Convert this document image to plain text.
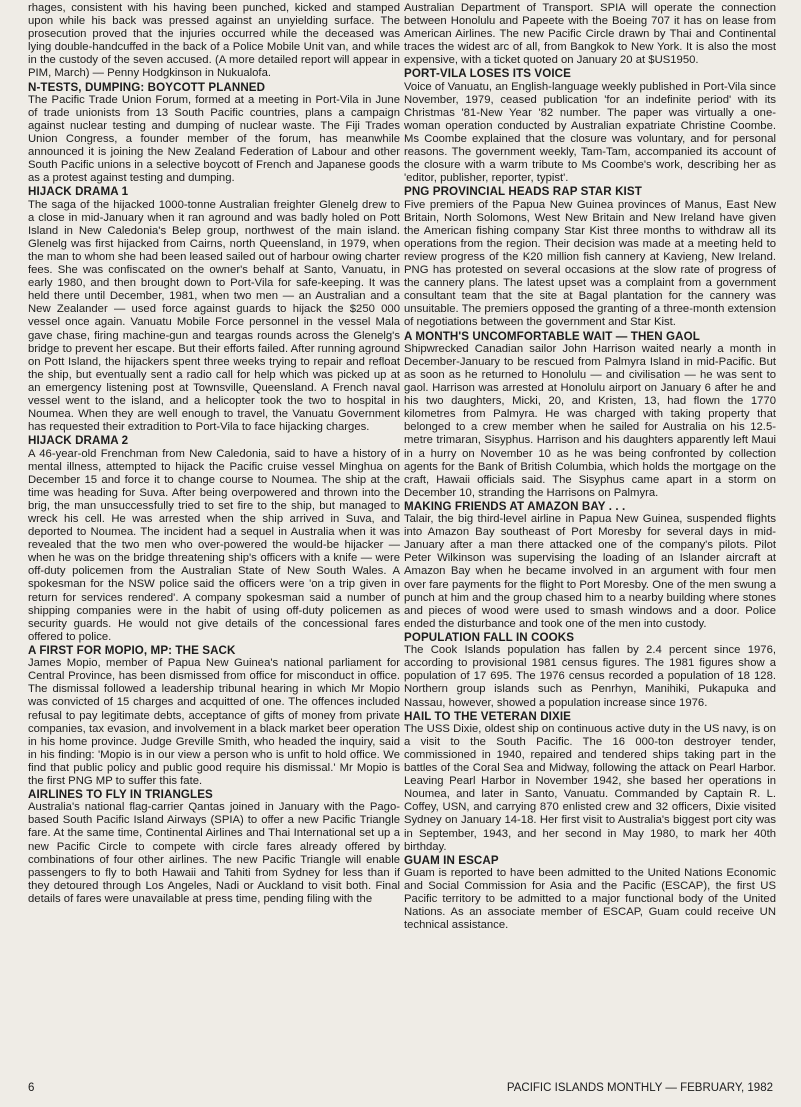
rhages, consistent with his having been punched, kicked and stamped upon while his back was pressed against an unyielding surface. The prosecution proved that the injuries occurred while the deceased was lying double-handcuffed in the back of a Police Mobile Unit van, and while in the custody of the seven accused. (A more detailed report will appear in PIM, March) — Penny Hodgkinson in Nukualofa.

N-TESTS, DUMPING: BOYCOTT PLANNED

The Pacific Trade Union Forum, formed at a meeting in Port-Vila in June of trade unionists from 13 South Pacific countries, plans a campaign against nuclear testing and dumping of nuclear waste. The Fiji Trades Union Congress, a founder member of the forum, has meanwhile announced it is joining the New Zealand Federation of Labour and other South Pacific unions in a selective boycott of French and Japanese goods as a protest against testing and dumping.

HIJACK DRAMA 1

The saga of the hijacked 1000-tonne Australian freighter Glenelg drew to a close in mid-January when it ran aground and was badly holed on Pott Island in New Caledonia's Belep group, northwest of the main island. Glenelg was first hijacked from Cairns, north Queensland, in 1979, when the man to whom she had been leased sailed out of harbour owing charter fees. She was confiscated on the owner's behalf at Santo, Vanuatu, in early 1980, and then brought down to Port-Vila for safe-keeping. It was held there until December, 1981, when two men — an Australian and a New Zealander — used force against guards to hijack the $250 000 vessel once again. Vanuatu Mobile Force personnel in the vessel Mala gave chase, firing machine-gun and teargas rounds across the Glenelg's bridge to prevent her escape. But their efforts failed. After running aground on Pott Island, the hijackers spent three weeks trying to repair and refloat the ship, but eventually sent a radio call for help which was picked up at an emergency listening post at Townsville, Queensland. A French naval vessel went to the island, and a helicopter took the two to hospital in Noumea. When they are well enough to travel, the Vanuatu Government has requested their extradition to Port-Vila to face hijacking charges.

HIJACK DRAMA 2

A 46-year-old Frenchman from New Caledonia, said to have a history of mental illness, attempted to hijack the Pacific cruise vessel Minghua on December 15 and force it to change course to Noumea. The ship at the time was heading for Suva. After being overpowered and thrown into the brig, the man unsuccessfully tried to set fire to the ship, but managed to wreck his cell. He was arrested when the ship arrived in Suva, and deported to Noumea. The incident had a sequel in Australia when it was revealed that the two men who over-powered the would-be hijacker — when he was on the bridge threatening ship's officers with a knife — were off-duty policemen from the Australian State of New South Wales. A spokesman for the NSW police said the officers were 'on a trip given in return for services rendered'. A company spokesman said a number of shipping companies were in the habit of using off-duty policemen as security guards. He would not give details of the concessional fares offered to police.

A FIRST FOR MOPIO, MP: THE SACK

James Mopio, member of Papua New Guinea's national parliament for Central Province, has been dismissed from office for misconduct in office. The dismissal followed a leadership tribunal hearing in which Mr Mopio was convicted of 15 charges and acquitted of one. The offences included refusal to pay legitimate debts, acceptance of gifts of money from private companies, tax evasion, and involvement in a black market beer operation in his home province. Judge Greville Smith, who headed the inquiry, said in his finding: 'Mopio is in our view a person who is unfit to hold office. We find that public policy and public good require his dismissal.' Mr Mopio is the first PNG MP to suffer this fate.

AIRLINES TO FLY IN TRIANGLES

Australia's national flag-carrier Qantas joined in January with the Pago-based South Pacific Island Airways (SPIA) to offer a new Pacific Triangle fare. At the same time, Continental Airlines and Thai International set up a new Pacific Circle to compete with circle fares already offered by combinations of four other airlines. The new Pacific Triangle will enable passengers to fly to both Hawaii and Tahiti from Sydney for less than if they detoured through Los Angeles, Nadi or Auckland to visit both. Final details of fares were unavailable at press time, pending filing with the

Australian Department of Transport. SPIA will operate the connection between Honolulu and Papeete with the Boeing 707 it has on lease from American Airlines. The new Pacific Circle drawn by Thai and Continental traces the widest arc of all, from Bangkok to New York. It is also the most expensive, with a ticket quoted on January 20 at $US1950.

PORT-VILA LOSES ITS VOICE

Voice of Vanuatu, an English-language weekly published in Port-Vila since November, 1979, ceased publication 'for an indefinite period' with its Christmas '81-New Year '82 number. The paper was virtually a one-woman operation conducted by Australian expatriate Christine Coombe. Ms Coombe explained that the closure was voluntary, and for personal reasons. The government weekly, Tam-Tam, accompanied its account of the closure with a warm tribute to Ms Coombe's work, describing her as 'editor, publisher, reporter, typist'.

PNG PROVINCIAL HEADS RAP STAR KIST

Five premiers of the Papua New Guinea provinces of Manus, East New Britain, North Solomons, West New Britain and New Ireland have given the American fishing company Star Kist three months to withdraw all its operations from the region. Their decision was made at a meeting held to review progress of the K20 million fish cannery at Kavieng, New Ireland. PNG has protested on several occasions at the slow rate of progress of the cannery plans. The latest upset was a complaint from a government consultant team that the site at Bagal plantation for the cannery was unsuitable. The premiers opposed the granting of a three-month extension of negotiations between the government and Star Kist.

A MONTH'S UNCOMFORTABLE WAIT — THEN GAOL

Shipwrecked Canadian sailor John Harrison waited nearly a month in December-January to be rescued from Palmyra Island in mid-Pacific. But as soon as he returned to Honolulu — and civilisation — he was sent to gaol. Harrison was arrested at Honolulu airport on January 6 after he and his two daughters, Micki, 20, and Kristen, 13, had flown the 1770 kilometres from Palmyra. He was charged with taking property that belonged to a crew member when he sailed for Australia on his 12.5-metre trimaran, Sisyphus. Harrison and his daughters apparently left Maui in a hurry on November 10 as he was being confronted by collection agents for the Bank of British Columbia, which holds the mortgage on the craft, Hawaii officials said. The Sisyphus came apart in a storm on December 10, stranding the Harrisons on Palmyra.

MAKING FRIENDS AT AMAZON BAY . . .

Talair, the big third-level airline in Papua New Guinea, suspended flights into Amazon Bay southeast of Port Moresby for several days in mid-January after a man there attacked one of the company's pilots. Pilot Peter Wilkinson was supervising the loading of an Islander aircraft at Amazon Bay when he became involved in an argument with four men over fare payments for the flight to Port Moresby. One of the men swung a punch at him and the group chased him to a nearby building where stones and pieces of wood were used to smash windows and a door. Police ended the disturbance and took one of the men into custody.

POPULATION FALL IN COOKS

The Cook Islands population has fallen by 2.4 percent since 1976, according to provisional 1981 census figures. The 1981 figures show a population of 17 695. The 1976 census recorded a population of 18 128. Northern group islands such as Penrhyn, Manihiki, Pukapuka and Nassau, however, showed a population increase since 1976.

HAIL TO THE VETERAN DIXIE

The USS Dixie, oldest ship on continuous active duty in the US navy, is on a visit to the South Pacific. The 16 000-ton destroyer tender, commissioned in 1940, repaired and tendered ships taking part in the battles of the Coral Sea and Midway, following the attack on Pearl Harbor. Leaving Pearl Harbor in November 1942, she based her operations in Noumea, and later in Santo, Vanuatu. Commanded by Captain R. L. Coffey, USN, and carrying 870 enlisted crew and 32 officers, Dixie visited Sydney on January 14-18. Her first visit to Australia's biggest port city was in September, 1943, and her second in May 1980, to mark her 40th birthday.

GUAM IN ESCAP

Guam is reported to have been admitted to the United Nations Economic and Social Commission for Asia and the Pacific (ESCAP), the first US Pacific territory to be admitted to a major functional body of the United Nations. As an associate member of ESCAP, Guam could receive UN technical assistance.

6	PACIFIC ISLANDS MONTHLY — FEBRUARY, 1982
